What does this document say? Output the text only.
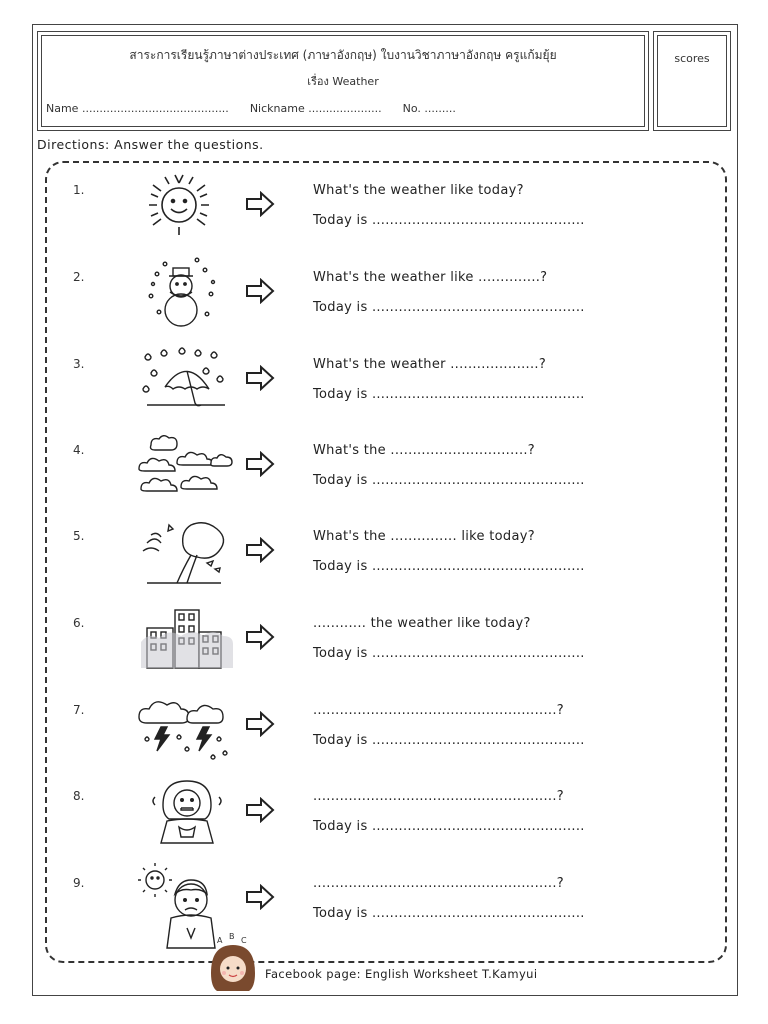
สาระการเรียนรู้ภาษาต่างประเทศ (ภาษาอังกฤษ) ใบงานวิชาภาษาอังกฤษ ครูแก้มยุ้ย
เรื่อง Weather
Name .......................................... Nickname ..................... No. .........
scores
Directions: Answer the questions.
1.	What's the weather like today?
Today is ................................................
2.	What's the weather like ..............?
Today is ................................................
3.	What's the weather ....................?
Today is ................................................
4.	What's the ...............................?
Today is ................................................
5.	What's the ............... like today?
Today is ................................................
6.	............ the weather like today?
Today is ................................................
7.	.......................................................?
Today is ................................................
8.	.......................................................?
Today is ................................................
9.	.......................................................?
Today is ................................................
A B C
Facebook page: English Worksheet T.Kamyui
